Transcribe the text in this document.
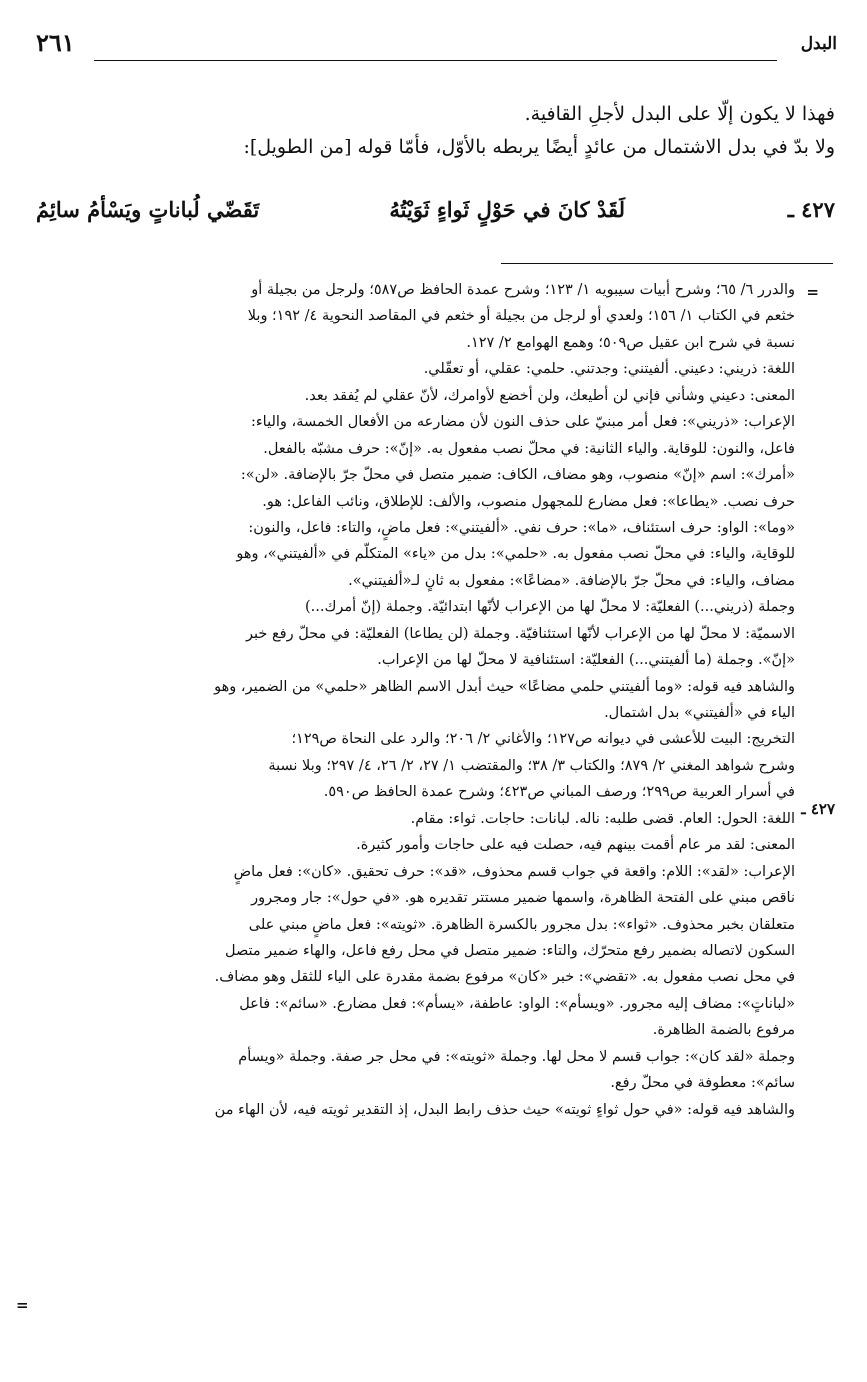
البدل
٢٦١
فهذا لا يكون إلّا على البدل لأجلِ القافية.
ولا بدّ في بدل الاشتمال من عائدٍ أيضًا يربطه بالأوّل، فأمّا قوله [من الطويل]:
٤٢٧ ـ
لَقَدْ كانَ في حَوْلٍ ثَواءٍ ثَوَيْتُهُ
تَقَضّي لُباناتٍ ويَسْأمُ سائِمُ
=
٤٢٧ ـ
=
والدرر ٦/ ٦٥؛ وشرح أبيات سيبويه ١/ ١٢٣؛ وشرح عمدة الحافظ ص٥٨٧؛ ولرجل من بجيلة أو
خثعم في الكتاب ١/ ١٥٦؛ ولعدي أو لرجل من بجيلة أو خثعم في المقاصد النحوية ٤/ ١٩٢؛ وبلا
نسبة في شرح ابن عقيل ص٥٠٩؛ وهمع الهوامع ٢/ ١٢٧.
اللغة: ذريني: دعيني. ألفيتني: وجدتني. حلمي: عقلي، أو تعقّلي.
المعنى: دعيني وشأني فإني لن أطيعك، ولن أخضع لأوامرك، لأنّ عقلي لم يُفقد بعد.
الإعراب: «ذريني»: فعل أمر مبنيّ على حذف النون لأن مضارعه من الأفعال الخمسة، والياء:
فاعل، والنون: للوقاية. والياء الثانية: في محلّ نصب مفعول به. «إنّ»: حرف مشبّه بالفعل.
«أمرك»: اسم «إنّ» منصوب، وهو مضاف، الكاف: ضمير متصل في محلّ جرّ بالإضافة. «لن»:
حرف نصب. «يطاعا»: فعل مضارع للمجهول منصوب، والألف: للإطلاق، ونائب الفاعل: هو.
«وما»: الواو: حرف استئناف، «ما»: حرف نفي. «ألفيتني»: فعل ماضٍ، والتاء: فاعل، والنون:
للوقاية، والياء: في محلّ نصب مفعول به. «حلمي»: بدل من «ياء» المتكلّم في «ألفيتني»، وهو
مضاف، والياء: في محلّ جرّ بالإضافة. «مضاعًا»: مفعول به ثانٍ لـ«ألفيتني».
وجملة (ذريني...) الفعليّة: لا محلّ لها من الإعراب لأنّها ابتدائيّة. وجملة (إنّ أمرك...)
الاسميّة: لا محلّ لها من الإعراب لأنّها استئنافيّة. وجملة (لن يطاعا) الفعليّة: في محلّ رفع خبر
«إنّ». وجملة (ما ألفيتني...) الفعليّة: استئنافية لا محلّ لها من الإعراب.
والشاهد فيه قوله: «وما ألفيتني حلمي مضاعًا» حيث أبدل الاسم الظاهر «حلمي» من الضمير، وهو
الياء في «ألفيتني» بدل اشتمال.
التخريج: البيت للأعشى في ديوانه ص١٢٧؛ والأغاني ٢/ ٢٠٦؛ والرد على النحاة ص١٢٩؛
وشرح شواهد المغني ٢/ ٨٧٩؛ والكتاب ٣/ ٣٨؛ والمقتضب ١/ ٢٧، ٢/ ٢٦، ٤/ ٢٩٧؛ وبلا نسبة
في أسرار العربية ص٢٩٩؛ ورصف المباني ص٤٢٣؛ وشرح عمدة الحافظ ص٥٩٠.
اللغة: الحول: العام. قضى طلبه: ناله. لبانات: حاجات. ثواء: مقام.
المعنى: لقد مر عام أقمت بينهم فيه، حصلت فيه على حاجات وأمور كثيرة.
الإعراب: «لقد»: اللام: واقعة في جواب قسم محذوف، «قد»: حرف تحقيق. «كان»: فعل ماضٍ
ناقص مبني على الفتحة الظاهرة، واسمها ضمير مستتر تقديره هو. «في حول»: جار ومجرور
متعلقان بخبر محذوف. «ثواء»: بدل مجرور بالكسرة الظاهرة. «ثويته»: فعل ماضٍ مبني على
السكون لاتصاله بضمير رفع متحرّك، والتاء: ضمير متصل في محل رفع فاعل، والهاء ضمير متصل
في محل نصب مفعول به. «تقضي»: خبر «كان» مرفوع بضمة مقدرة على الياء للثقل وهو مضاف.
«لباناتٍ»: مضاف إليه مجرور. «ويسأم»: الواو: عاطفة، «يسأم»: فعل مضارع. «سائم»: فاعل
مرفوع بالضمة الظاهرة.
وجملة «لقد كان»: جواب قسم لا محل لها. وجملة «ثويته»: في محل جر صفة. وجملة «ويسأم
سائم»: معطوفة في محلّ رفع.
والشاهد فيه قوله: «في حول ثواءٍ ثويته» حيث حذف رابط البدل، إذ التقدير ثويته فيه، لأن الهاء من
